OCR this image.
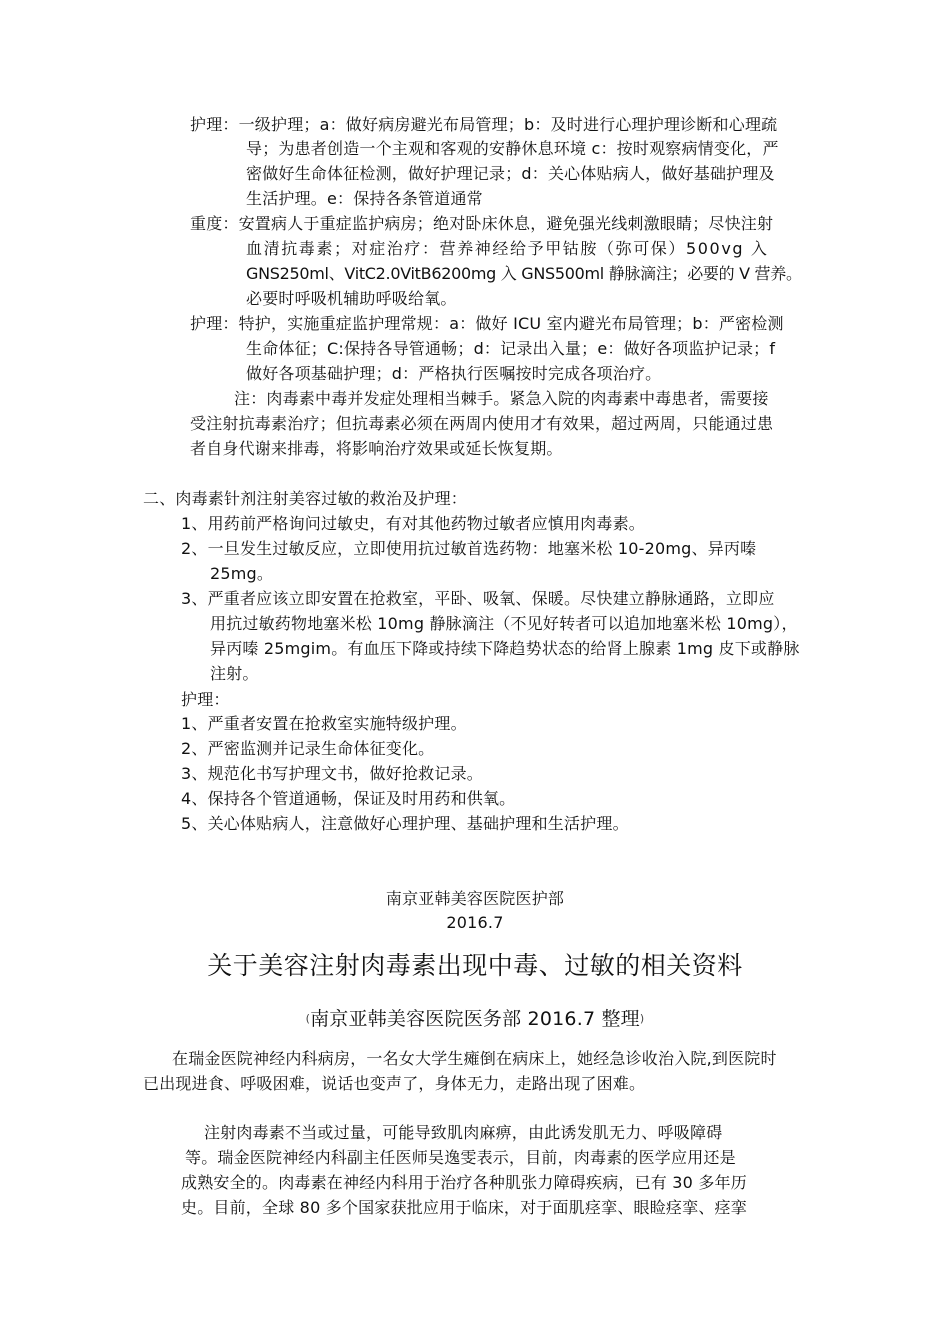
护理：一级护理；a：做好病房避光布局管理；b：及时进行心理护理诊断和心理疏
导；为患者创造一个主观和客观的安静休息环境 c：按时观察病情变化，严
密做好生命体征检测，做好护理记录；d：关心体贴病人，做好基础护理及
生活护理。e：保持各条管道通常
重度：安置病人于重症监护病房；绝对卧床休息，避免强光线刺激眼睛；尽快注射
血清抗毒素；对症治疗：营养神经给予甲钴胺（弥可保）500vg 入
GNS250ml、VitC2.0VitB6200mg 入 GNS500ml 静脉滴注；必要的 V 营养。
必要时呼吸机辅助呼吸给氧。
护理：特护，实施重症监护理常规：a：做好 ICU 室内避光布局管理；b：严密检测
生命体征；C:保持各导管通畅；d：记录出入量；e：做好各项监护记录；f
做好各项基础护理；d：严格执行医嘱按时完成各项治疗。
注：肉毒素中毒并发症处理相当棘手。紧急入院的肉毒素中毒患者，需要接
受注射抗毒素治疗；但抗毒素必须在两周内使用才有效果，超过两周，只能通过患
者自身代谢来排毒，将影响治疗效果或延长恢复期。
二、肉毒素针剂注射美容过敏的救治及护理：
1、用药前严格询问过敏史，有对其他药物过敏者应慎用肉毒素。
2、一旦发生过敏反应，立即使用抗过敏首选药物：地塞米松 10-20mg、异丙嗪
25mg。
3、严重者应该立即安置在抢救室，平卧、吸氧、保暖。尽快建立静脉通路，立即应
用抗过敏药物地塞米松 10mg 静脉滴注（不见好转者可以追加地塞米松 10mg），
异丙嗪 25mgim。有血压下降或持续下降趋势状态的给肾上腺素 1mg 皮下或静脉
注射。
护理：
1、严重者安置在抢救室实施特级护理。
2、严密监测并记录生命体征变化。
3、规范化书写护理文书，做好抢救记录。
4、保持各个管道通畅，保证及时用药和供氧。
5、关心体贴病人，注意做好心理护理、基础护理和生活护理。
南京亚韩美容医院医护部
2016.7
关于美容注射肉毒素出现中毒、过敏的相关资料
(南京亚韩美容医院医务部 2016.7 整理)
在瑞金医院神经内科病房，一名女大学生瘫倒在病床上，她经急诊收治入院,到医院时
已出现进食、呼吸困难，说话也变声了，身体无力，走路出现了困难。
注射肉毒素不当或过量，可能导致肌肉麻痹，由此诱发肌无力、呼吸障碍
等。瑞金医院神经内科副主任医师吴逸雯表示，目前，肉毒素的医学应用还是
成熟安全的。肉毒素在神经内科用于治疗各种肌张力障碍疾病，已有 30 多年历
史。目前，全球 80 多个国家获批应用于临床，对于面肌痉挛、眼睑痉挛、痉挛
